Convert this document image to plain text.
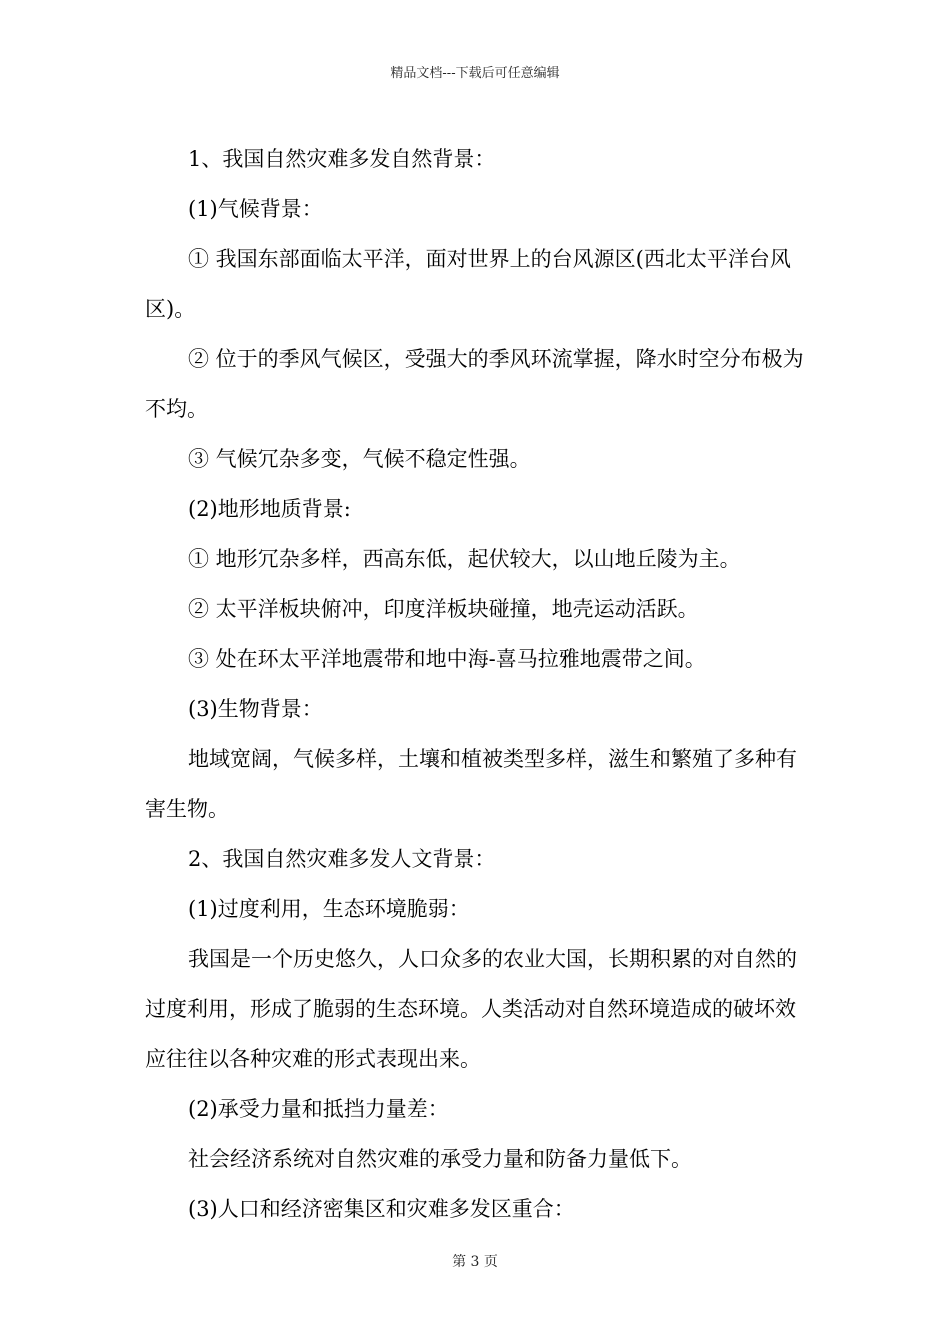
精品文档---下载后可任意编辑

1、我国自然灾难多发自然背景：

(1)气候背景：

① 我国东部面临太平洋，面对世界上的台风源区(西北太平洋台风区)。

② 位于的季风气候区，受强大的季风环流掌握，降水时空分布极为不均。

③ 气候冗杂多变，气候不稳定性强。

(2)地形地质背景:

① 地形冗杂多样，西高东低，起伏较大，以山地丘陵为主。

② 太平洋板块俯冲，印度洋板块碰撞，地壳运动活跃。

③ 处在环太平洋地震带和地中海-喜马拉雅地震带之间。

(3)生物背景：

地域宽阔，气候多样，土壤和植被类型多样，滋生和繁殖了多种有害生物。

2、我国自然灾难多发人文背景：

(1)过度利用，生态环境脆弱：

我国是一个历史悠久，人口众多的农业大国，长期积累的对自然的过度利用，形成了脆弱的生态环境。人类活动对自然环境造成的破坏效应往往以各种灾难的形式表现出来。

(2)承受力量和抵挡力量差：

社会经济系统对自然灾难的承受力量和防备力量低下。

(3)人口和经济密集区和灾难多发区重合：

第 3 页
